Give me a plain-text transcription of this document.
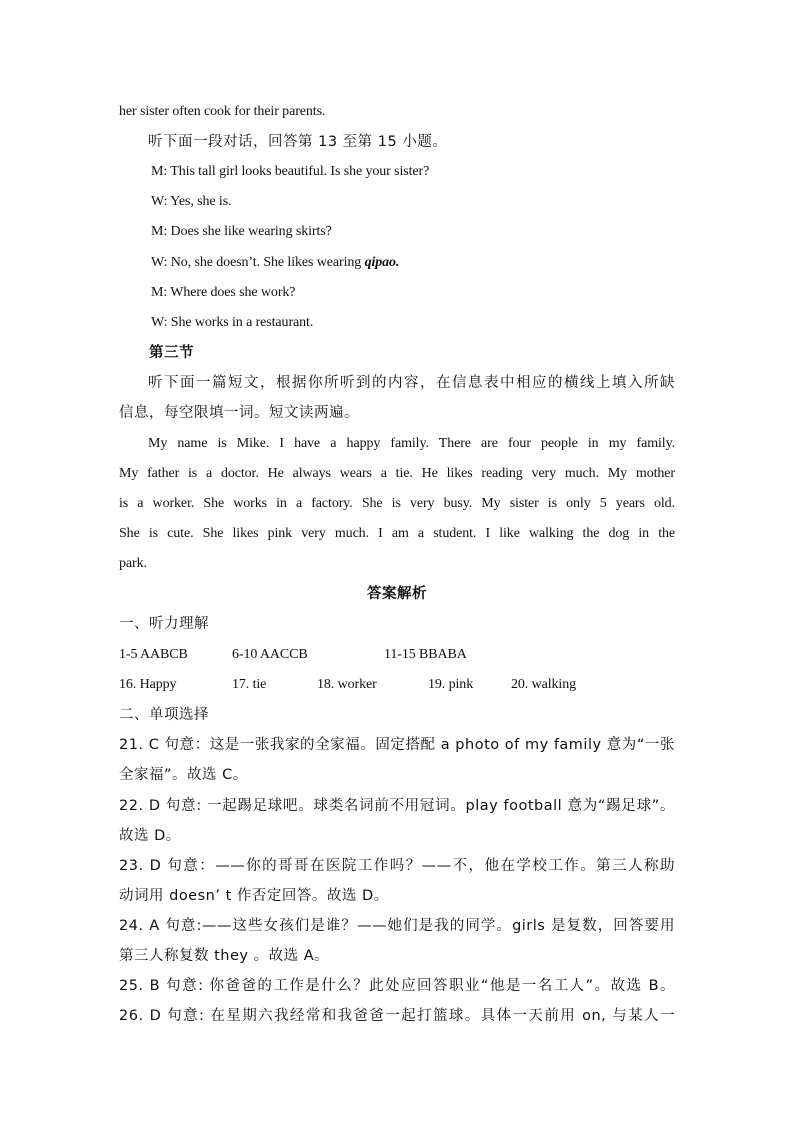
her sister often cook for their parents.
听下面一段对话，回答第 13 至第 15 小题。
M: This tall girl looks beautiful. Is she your sister?
W: Yes, she is.
M: Does she like wearing skirts?
W: No, she doesn’t. She likes wearing qipao.
M: Where does she work?
W: She works in a restaurant.
第三节
听下面一篇短文，根据你所听到的内容，在信息表中相应的横线上填入所缺
信息，每空限填一词。短文读两遍。
My name is Mike. I have a happy family. There are four people in my family.
My father is a doctor. He always wears a tie. He likes reading very much. My mother
is a worker. She works in a factory. She is very busy. My sister is only 5 years old.
She is cute. She likes pink very much. I am a student. I like walking the dog in the
park.
答案解析
一、听力理解
1-5 AABCB	6-10 AACCB	11-15 BBABA
16. Happy	17. tie	18. worker	19. pink	20. walking
二、单项选择
21. C 句意：这是一张我家的全家福。固定搭配 a photo of my family 意为“一张
全家福”。故选 C。
22. D 句意: 一起踢足球吧。球类名词前不用冠词。play football 意为“踢足球”。
故选 D。
23. D 句意：——你的哥哥在医院工作吗？——不，他在学校工作。第三人称助
动词用 doesn’ t 作否定回答。故选 D。
24. A 句意:——这些女孩们是谁？——她们是我的同学。girls 是复数，回答要用
第三人称复数 they 。故选 A。
25. B 句意: 你爸爸的工作是什么？此处应回答职业“他是一名工人”。故选 B。
26. D 句意: 在星期六我经常和我爸爸一起打篮球。具体一天前用 on, 与某人一
